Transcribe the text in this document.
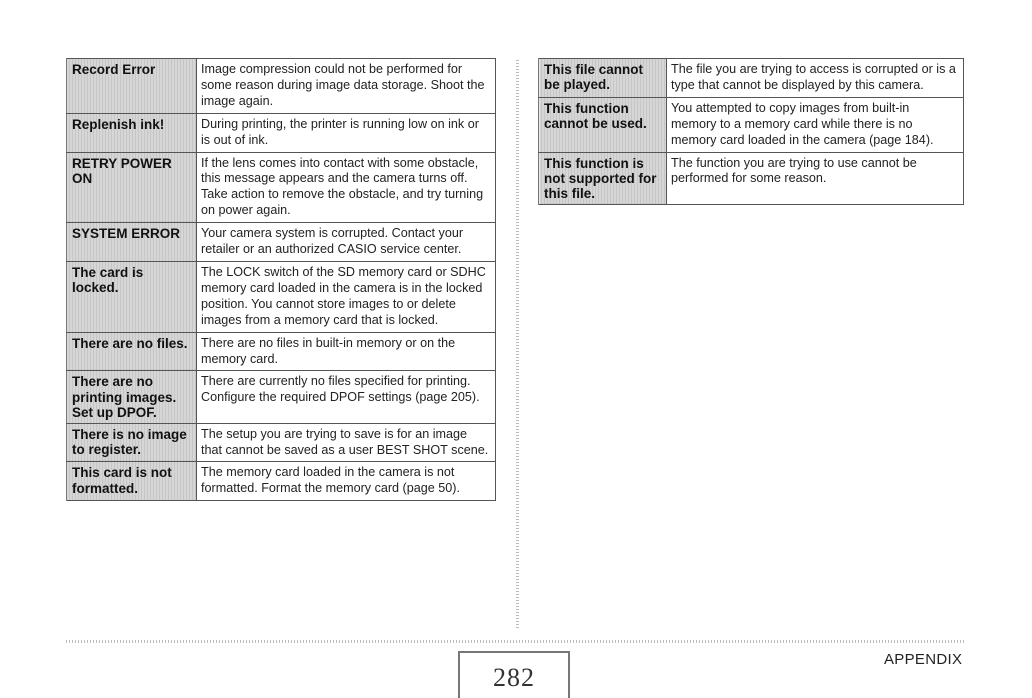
Record Error	Image compression could not be performed for some reason during image data storage. Shoot the image again.
Replenish ink!	During printing, the printer is running low on ink or is out of ink.
RETRY POWER ON	If the lens comes into contact with some obstacle, this message appears and the camera turns off. Take action to remove the obstacle, and try turning on power again.
SYSTEM ERROR	Your camera system is corrupted. Contact your retailer or an authorized CASIO service center.
The card is locked.	The LOCK switch of the SD memory card or SDHC memory card loaded in the camera is in the locked position. You cannot store images to or delete images from a memory card that is locked.
There are no files.	There are no files in built-in memory or on the memory card.
There are no printing images. Set up DPOF.	There are currently no files specified for printing. Configure the required DPOF settings (page 205).
There is no image to register.	The setup you are trying to save is for an image that cannot be saved as a user BEST SHOT scene.
This card is not formatted.	The memory card loaded in the camera is not formatted. Format the memory card (page 50).
This file cannot be played.	The file you are trying to access is corrupted or is a type that cannot be displayed by this camera.
This function cannot be used.	You attempted to copy images from built-in memory to a memory card while there is no memory card loaded in the camera (page 184).
This function is not supported for this file.	The function you are trying to use cannot be performed for some reason.
282
APPENDIX
